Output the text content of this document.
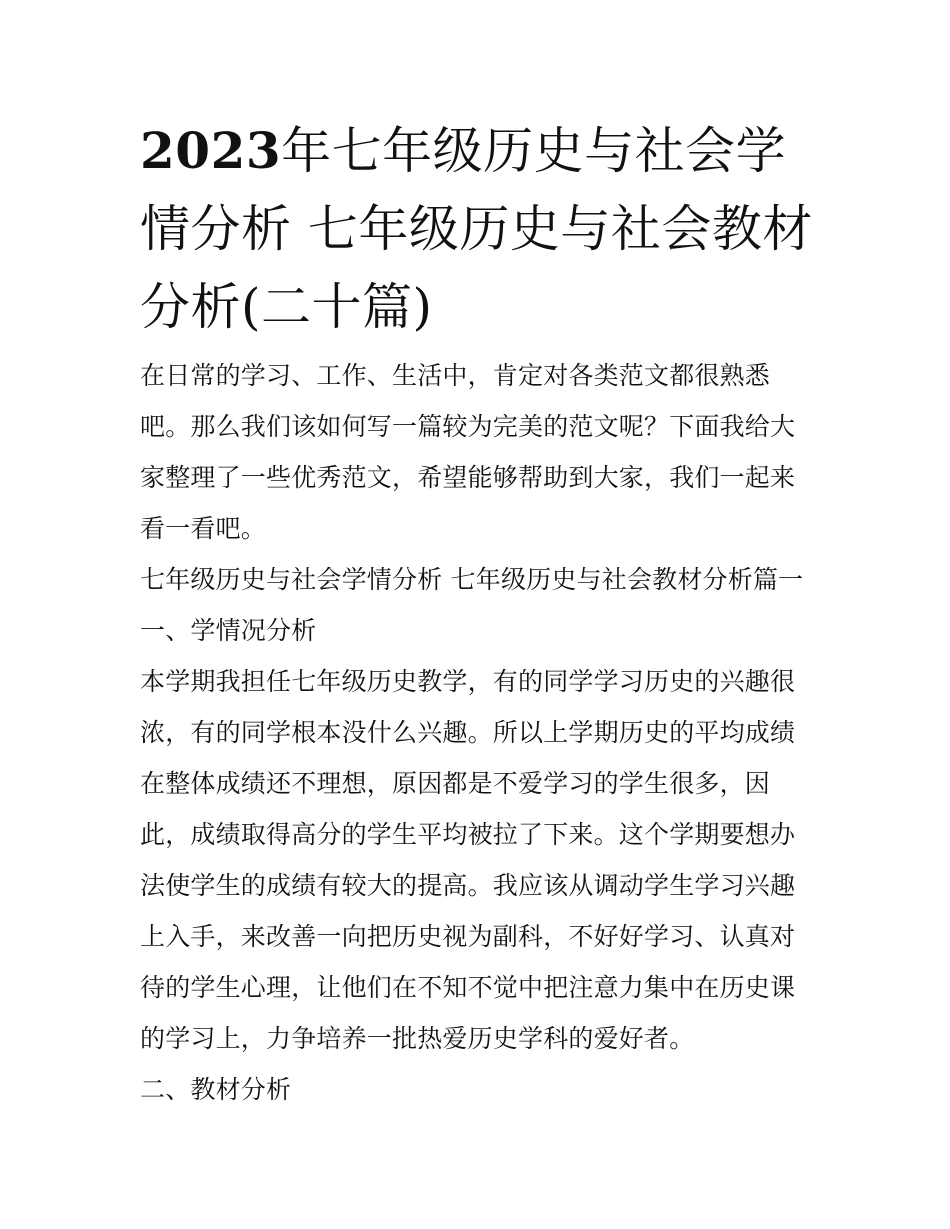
2023年七年级历史与社会学情分析 七年级历史与社会教材分析(二十篇)

在日常的学习、工作、生活中，肯定对各类范文都很熟悉吧。那么我们该如何写一篇较为完美的范文呢？下面我给大家整理了一些优秀范文，希望能够帮助到大家，我们一起来看一看吧。

七年级历史与社会学情分析 七年级历史与社会教材分析篇一

一、学情况分析

本学期我担任七年级历史教学，有的同学学习历史的兴趣很浓，有的同学根本没什么兴趣。所以上学期历史的平均成绩在整体成绩还不理想，原因都是不爱学习的学生很多，因此，成绩取得高分的学生平均被拉了下来。这个学期要想办法使学生的成绩有较大的提高。我应该从调动学生学习兴趣上入手，来改善一向把历史视为副科，不好好学习、认真对待的学生心理，让他们在不知不觉中把注意力集中在历史课的学习上，力争培养一批热爱历史学科的爱好者。

二、教材分析
